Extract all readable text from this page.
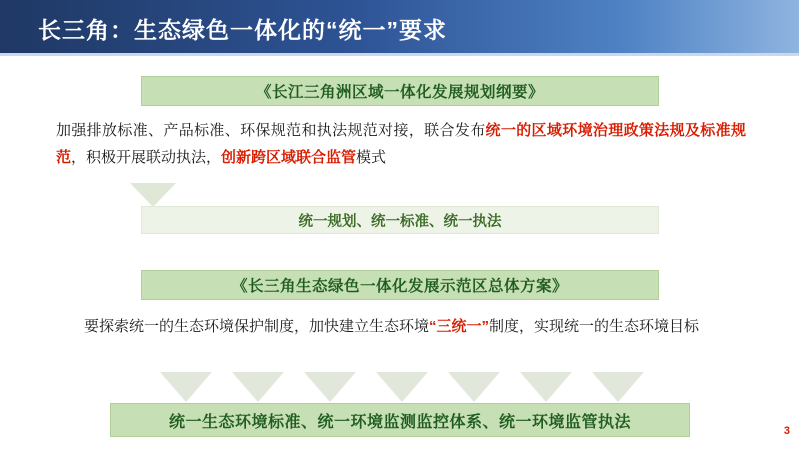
长三角：生态绿色一体化的“统一”要求
《长江三角洲区域一体化发展规划纲要》
加强排放标准、产品标准、环保规范和执法规范对接，联合发布统一的区域环境治理政策法规及标准规范，积极开展联动执法，创新跨区域联合监管模式
统一规划、统一标准、统一执法
《长三角生态绿色一体化发展示范区总体方案》
要探索统一的生态环境保护制度，加快建立生态环境“三统一”制度，实现统一的生态环境目标
统一生态环境标准、统一环境监测监控体系、统一环境监管执法
3
